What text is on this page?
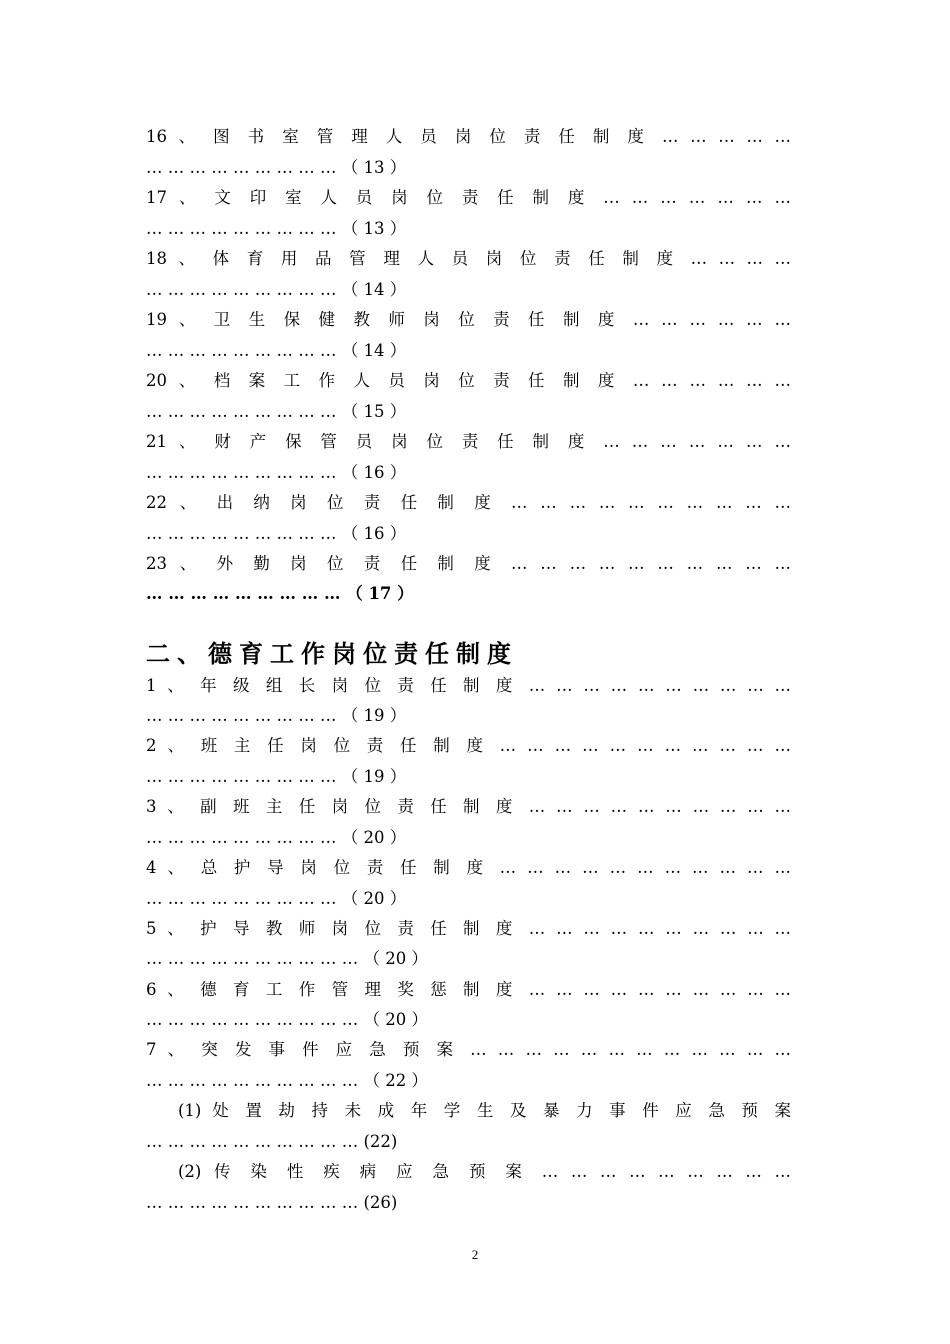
16 、 图 书 室 管 理 人 员 岗 位 责 任 制 度 … … … … …
… … … … … … … … … （ 13 ）
17 、 文 印 室 人 员 岗 位 责 任 制 度 … … … … … … …
… … … … … … … … … （ 13 ）
18 、 体 育 用 品 管 理 人 员 岗 位 责 任 制 度 … … … …
… … … … … … … … … （ 14 ）
19 、 卫 生 保 健 教 师 岗 位 责 任 制 度 … … … … … …
… … … … … … … … … （ 14 ）
20 、 档 案 工 作 人 员 岗 位 责 任 制 度 … … … … … …
… … … … … … … … … （ 15 ）
21 、 财 产 保 管 员 岗 位 责 任 制 度 … … … … … … …
… … … … … … … … … （ 16 ）
22 、 出 纳 岗 位 责 任 制 度 … … … … … … … … … …
… … … … … … … … … （ 16 ）
23 、 外 勤 岗 位 责 任 制 度 … … … … … … … … … …
… … … … … … … … … （ 17 ）
二、德育工作岗位责任制度
1 、 年 级 组 长 岗 位 责 任 制 度 … … … … … … … … … …
… … … … … … … … … （ 19 ）
2 、 班 主 任 岗 位 责 任 制 度 … … … … … … … … … … …
… … … … … … … … … （ 19 ）
3 、 副 班 主 任 岗 位 责 任 制 度 … … … … … … … … … …
… … … … … … … … … （ 20 ）
4 、 总 护 导 岗 位 责 任 制 度 … … … … … … … … … … …
… … … … … … … … … （ 20 ）
5 、 护 导 教 师 岗 位 责 任 制 度 … … … … … … … … … …
… … … … … … … … … … （ 20 ）
6 、 德 育 工 作 管 理 奖 惩 制 度 … … … … … … … … … …
… … … … … … … … … … （ 20 ）
7 、 突 发 事 件 应 急 预 案 … … … … … … … … … … … …
… … … … … … … … … … （ 22 ）
(1) 处 置 劫 持 未 成 年 学 生 及 暴 力 事 件 应 急 预 案
… … … … … … … … … … (22)
(2) 传 染 性 疾 病 应 急 预 案 … … … … … … … … …
… … … … … … … … … … (26)
2
